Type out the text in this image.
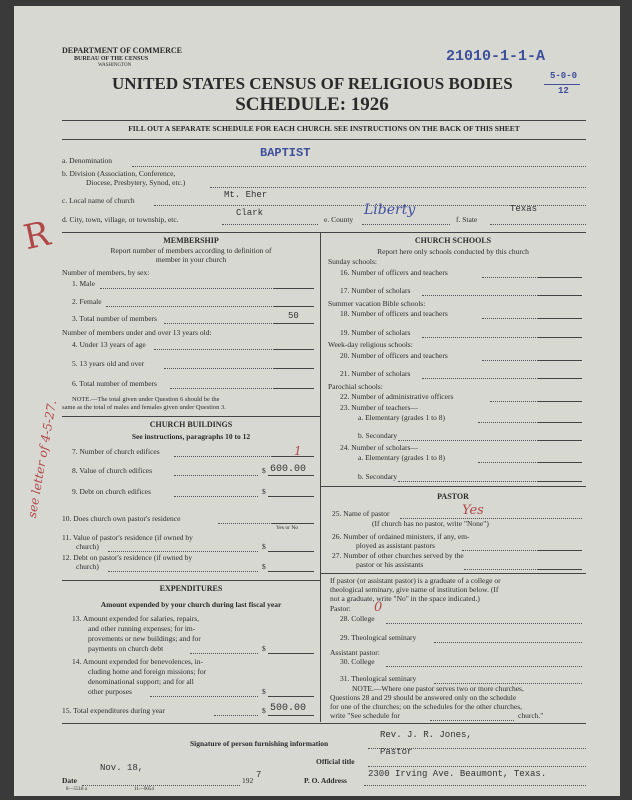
DEPARTMENT OF COMMERCE
BUREAU OF THE CENSUS
WASHINGTON
UNITED STATES CENSUS OF RELIGIOUS BODIES
SCHEDULE: 1926
21010-1-1-A
5-0-0
12
FILL OUT A SEPARATE SCHEDULE FOR EACH CHURCH. SEE INSTRUCTIONS ON THE BACK OF THIS SHEET
a. Denomination
BAPTIST
b. Division (Association, Conference,
Diocese, Presbytery, Synod, etc.)
c. Local name of church
Mt. Eher
d. City, town, village, or township, etc.
Clark
e. County
Liberty
f. State
Texas
MEMBERSHIP
Report number of members according to definition of
member in your church
Number of members, by sex:
1. Male
2. Female
3. Total number of members	50
Number of members under and over 13 years old:
4. Under 13 years of age
5. 13 years old and over
6. Total number of members
NOTE.—The total given under Question 6 should be the
same as the total of males and females given under Question 3.
CHURCH BUILDINGS
See instructions, paragraphs 10 to 12
7. Number of church edifices	1
8. Value of church edifices	$ 600.00
9. Debt on church edifices	$
10. Does church own pastor's residence
Yes or No
11. Value of pastor's residence (if owned by
church)	$
12. Debt on pastor's residence (if owned by
church)	$
EXPENDITURES
Amount expended by your church during last fiscal year
13. Amount expended for salaries, repairs,
and other running expenses; for im-
provements or new buildings; and for
payments on church debt	$
14. Amount expended for benevolences, in-
cluding home and foreign missions; for
denominational support; and for all
other purposes	$
15. Total expenditures during year	$ 500.00
CHURCH SCHOOLS
Report here only schools conducted by this church
Sunday schools:
16. Number of officers and teachers
17. Number of scholars
Summer vacation Bible schools:
18. Number of officers and teachers
19. Number of scholars
Week-day religious schools:
20. Number of officers and teachers
21. Number of scholars
Parochial schools:
22. Number of administrative officers
23. Number of teachers—
a. Elementary (grades 1 to 8)
b. Secondary
24. Number of scholars—
a. Elementary (grades 1 to 8)
b. Secondary
PASTOR
25. Name of pastor	Yes
(If church has no pastor, write "None")
26. Number of ordained ministers, if any, em-
ployed as assistant pastors
27. Number of other churches served by the
pastor or his assistants
If pastor (or assistant pastor) is a graduate of a college or
theological seminary, give name of institution below. (If
not a graduate, write "No" in the space indicated.)
Pastor:
28. College
0
29. Theological seminary
Assistant pastor:
30. College
31. Theological seminary
NOTE.—Where one pastor serves two or more churches,
Questions 28 and 29 should be answered only on the schedule
for one of the churches; on the schedules for the other churches,
write "See schedule for	church."
Signature of person furnishing information
Rev. J. R. Jones,
Official title
Pastor
Date
Nov. 18,
192
7
P. O. Address
2300 Irving Ave. Beaumont, Texas.
8—5518 a	11—9054
R
see letter of 4-5-27.
